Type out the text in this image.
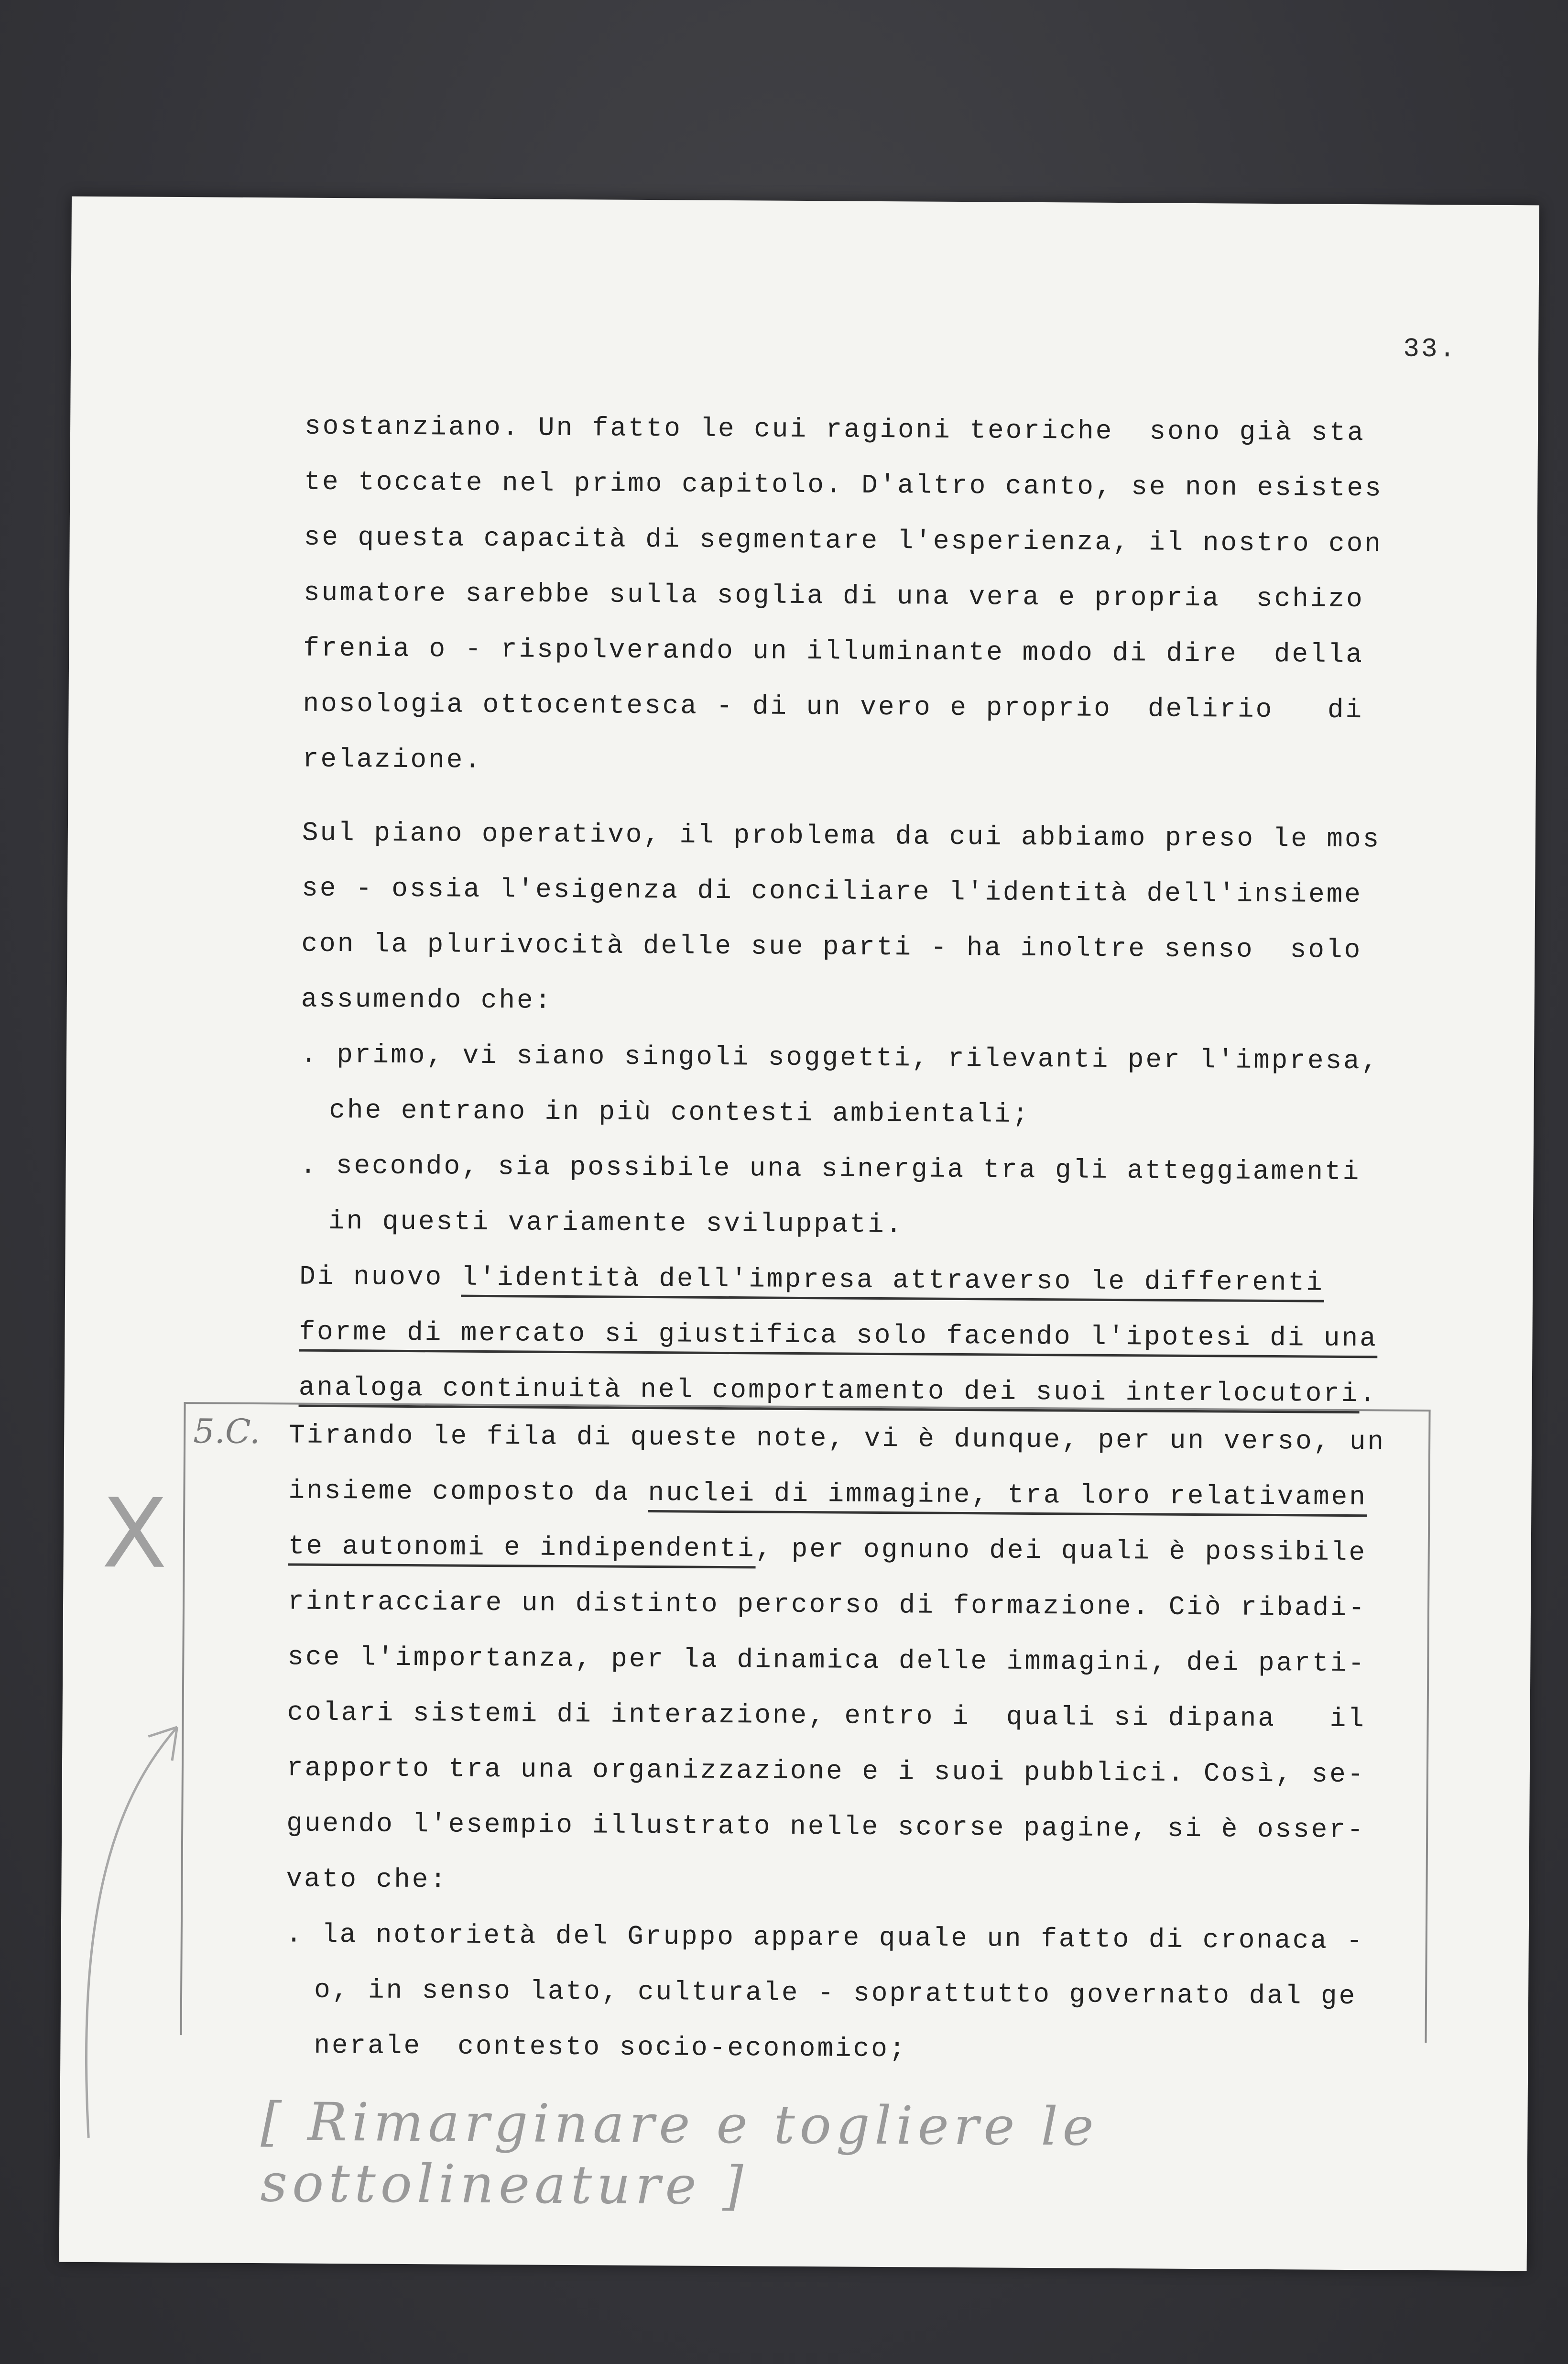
33.
sostanziano. Un fatto le cui ragioni teoriche  sono già sta
te toccate nel primo capitolo. D'altro canto, se non esistes
se questa capacità di segmentare l'esperienza, il nostro con
sumatore sarebbe sulla soglia di una vera e propria  schizo
frenia o - rispolverando un illuminante modo di dire  della
nosologia ottocentesca - di un vero e proprio  delirio   di
relazione.
Sul piano operativo, il problema da cui abbiamo preso le mos
se - ossia l'esigenza di conciliare l'identità dell'insieme
con la plurivocità delle sue parti - ha inoltre senso  solo
assumendo che:
. primo, vi siano singoli soggetti, rilevanti per l'impresa,
che entrano in più contesti ambientali;
. secondo, sia possibile una sinergia tra gli atteggiamenti
in questi variamente sviluppati.
Di nuovo l'identità dell'impresa attraverso le differenti
forme di mercato si giustifica solo facendo l'ipotesi di una
analoga continuità nel comportamento dei suoi interlocutori.
5.C.
X
Tirando le fila di queste note, vi è dunque, per un verso, un
insieme composto da nuclei di immagine, tra loro relativamen
te autonomi e indipendenti, per ognuno dei quali è possibile
rintracciare un distinto percorso di formazione. Ciò ribadi-
sce l'importanza, per la dinamica delle immagini, dei parti-
colari sistemi di interazione, entro i  quali si dipana   il
rapporto tra una organizzazione e i suoi pubblici. Così, se-
guendo l'esempio illustrato nelle scorse pagine, si è osser-
vato che:
. la notorietà del Gruppo appare quale un fatto di cronaca -
o, in senso lato, culturale - soprattutto governato dal ge
nerale  contesto socio-economico;
[ Rimarginare e togliere le sottolineature ]
